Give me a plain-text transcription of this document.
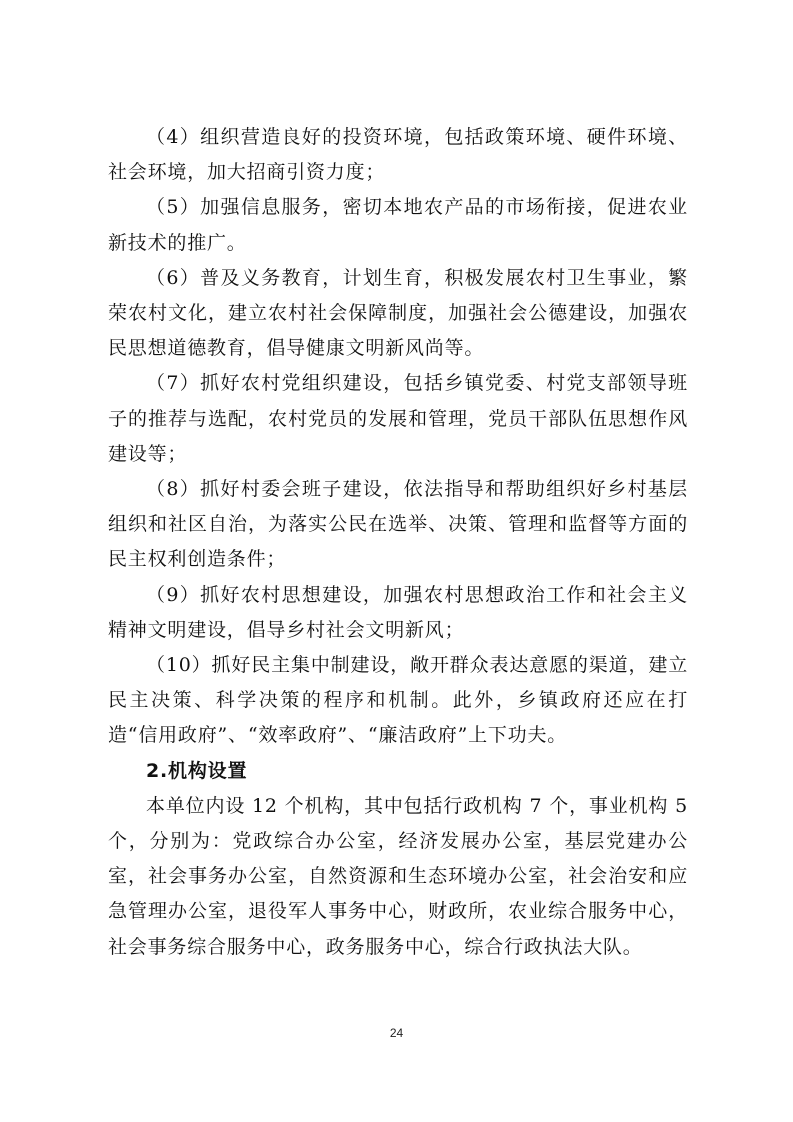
（4）组织营造良好的投资环境，包括政策环境、硬件环境、社会环境，加大招商引资力度；

（5）加强信息服务，密切本地农产品的市场衔接，促进农业新技术的推广。

（6）普及义务教育，计划生育，积极发展农村卫生事业，繁荣农村文化，建立农村社会保障制度，加强社会公德建设，加强农民思想道德教育，倡导健康文明新风尚等。

（7）抓好农村党组织建设，包括乡镇党委、村党支部领导班子的推荐与选配，农村党员的发展和管理，党员干部队伍思想作风建设等；

（8）抓好村委会班子建设，依法指导和帮助组织好乡村基层组织和社区自治，为落实公民在选举、决策、管理和监督等方面的民主权利创造条件；

（9）抓好农村思想建设，加强农村思想政治工作和社会主义精神文明建设，倡导乡村社会文明新风；

（10）抓好民主集中制建设，敞开群众表达意愿的渠道，建立民主决策、科学决策的程序和机制。此外，乡镇政府还应在打造“信用政府”、“效率政府”、“廉洁政府”上下功夫。

2.机构设置

本单位内设 12 个机构，其中包括行政机构 7 个，事业机构 5 个，分别为：党政综合办公室，经济发展办公室，基层党建办公室，社会事务办公室，自然资源和生态环境办公室，社会治安和应急管理办公室，退役军人事务中心，财政所，农业综合服务中心，社会事务综合服务中心，政务服务中心，综合行政执法大队。

24
